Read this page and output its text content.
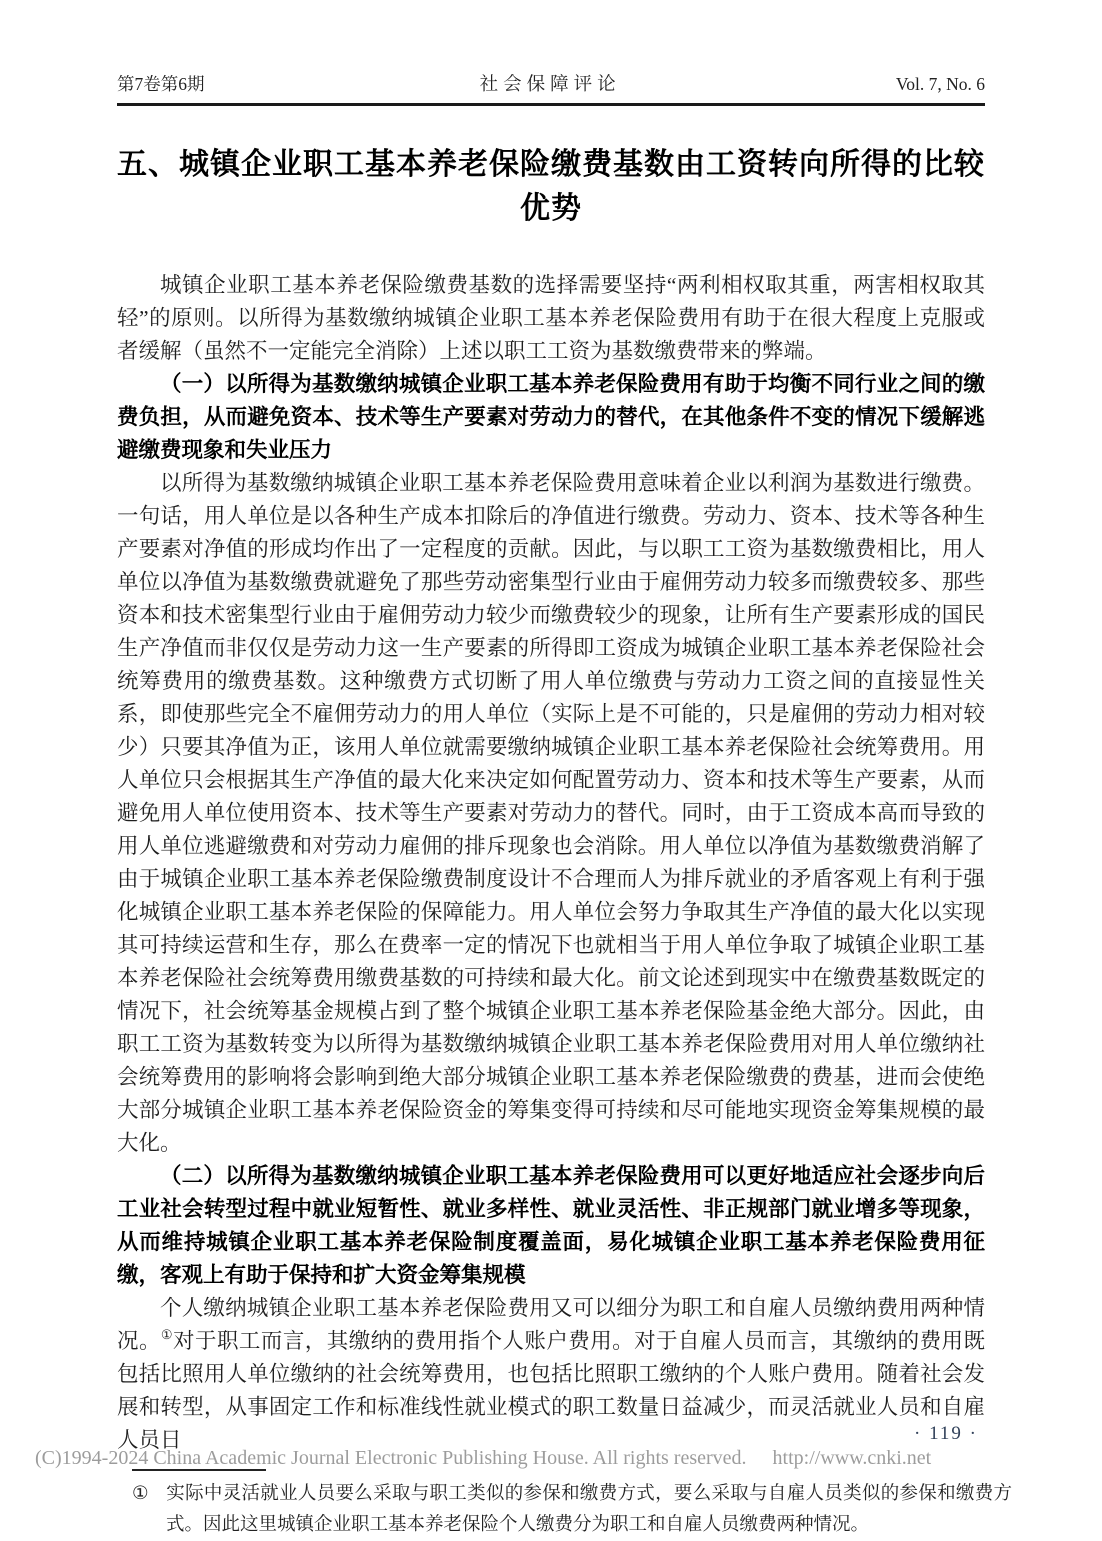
第7卷第6期	社会保障评论	Vol. 7, No. 6
五、城镇企业职工基本养老保险缴费基数由工资转向所得的比较优势

城镇企业职工基本养老保险缴费基数的选择需要坚持“两利相权取其重，两害相权取其轻”的原则。以所得为基数缴纳城镇企业职工基本养老保险费用有助于在很大程度上克服或者缓解（虽然不一定能完全消除）上述以职工工资为基数缴费带来的弊端。

（一）以所得为基数缴纳城镇企业职工基本养老保险费用有助于均衡不同行业之间的缴费负担，从而避免资本、技术等生产要素对劳动力的替代，在其他条件不变的情况下缓解逃避缴费现象和失业压力

以所得为基数缴纳城镇企业职工基本养老保险费用意味着企业以利润为基数进行缴费。一句话，用人单位是以各种生产成本扣除后的净值进行缴费。劳动力、资本、技术等各种生产要素对净值的形成均作出了一定程度的贡献。因此，与以职工工资为基数缴费相比，用人单位以净值为基数缴费就避免了那些劳动密集型行业由于雇佣劳动力较多而缴费较多、那些资本和技术密集型行业由于雇佣劳动力较少而缴费较少的现象，让所有生产要素形成的国民生产净值而非仅仅是劳动力这一生产要素的所得即工资成为城镇企业职工基本养老保险社会统筹费用的缴费基数。这种缴费方式切断了用人单位缴费与劳动力工资之间的直接显性关系，即使那些完全不雇佣劳动力的用人单位（实际上是不可能的，只是雇佣的劳动力相对较少）只要其净值为正，该用人单位就需要缴纳城镇企业职工基本养老保险社会统筹费用。用人单位只会根据其生产净值的最大化来决定如何配置劳动力、资本和技术等生产要素，从而避免用人单位使用资本、技术等生产要素对劳动力的替代。同时，由于工资成本高而导致的用人单位逃避缴费和对劳动力雇佣的排斥现象也会消除。用人单位以净值为基数缴费消解了由于城镇企业职工基本养老保险缴费制度设计不合理而人为排斥就业的矛盾客观上有利于强化城镇企业职工基本养老保险的保障能力。用人单位会努力争取其生产净值的最大化以实现其可持续运营和生存，那么在费率一定的情况下也就相当于用人单位争取了城镇企业职工基本养老保险社会统筹费用缴费基数的可持续和最大化。前文论述到现实中在缴费基数既定的情况下，社会统筹基金规模占到了整个城镇企业职工基本养老保险基金绝大部分。因此，由职工工资为基数转变为以所得为基数缴纳城镇企业职工基本养老保险费用对用人单位缴纳社会统筹费用的影响将会影响到绝大部分城镇企业职工基本养老保险缴费的费基，进而会使绝大部分城镇企业职工基本养老保险资金的筹集变得可持续和尽可能地实现资金筹集规模的最大化。

（二）以所得为基数缴纳城镇企业职工基本养老保险费用可以更好地适应社会逐步向后工业社会转型过程中就业短暂性、就业多样性、就业灵活性、非正规部门就业增多等现象，从而维持城镇企业职工基本养老保险制度覆盖面，易化城镇企业职工基本养老保险费用征缴，客观上有助于保持和扩大资金筹集规模

个人缴纳城镇企业职工基本养老保险费用又可以细分为职工和自雇人员缴纳费用两种情况。①对于职工而言，其缴纳的费用指个人账户费用。对于自雇人员而言，其缴纳的费用既包括比照用人单位缴纳的社会统筹费用，也包括比照职工缴纳的个人账户费用。随着社会发展和转型，从事固定工作和标准线性就业模式的职工数量日益减少，而灵活就业人员和自雇人员日

① 实际中灵活就业人员要么采取与职工类似的参保和缴费方式，要么采取与自雇人员类似的参保和缴费方式。因此这里城镇企业职工基本养老保险个人缴费分为职工和自雇人员缴费两种情况。
· 119 ·
(C)1994-2024 China Academic Journal Electronic Publishing House. All rights reserved. http://www.cnki.net
